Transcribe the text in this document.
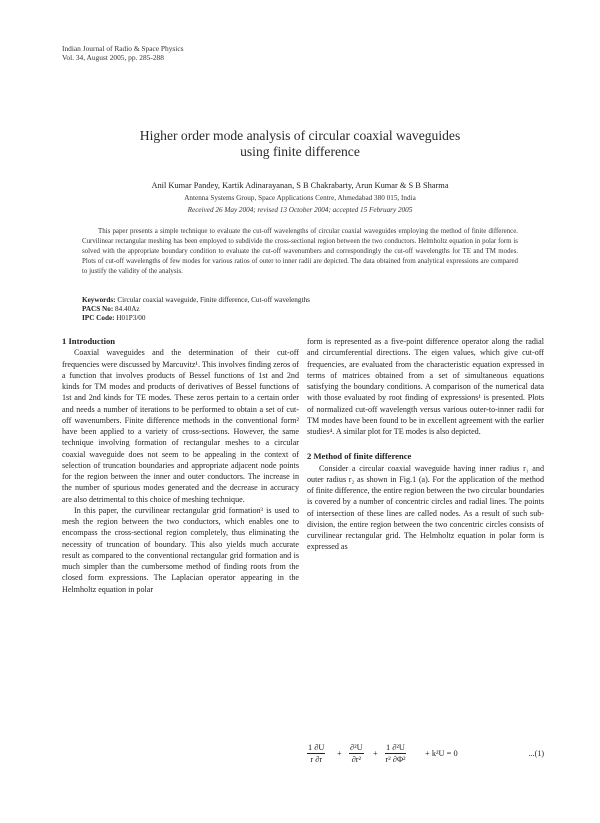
Indian Journal of Radio & Space Physics
Vol. 34, August 2005, pp. 285-288
Higher order mode analysis of circular coaxial waveguides
using finite difference
Anil Kumar Pandey, Kartik Adinarayanan, S B Chakrabarty, Arun Kumar & S B Sharma
Antenna Systems Group, Space Applications Centre, Ahmedabad 380 015, India
Received 26 May 2004; revised 13 October 2004; accepted 15 February 2005
This paper presents a simple technique to evaluate the cut-off wavelengths of circular coaxial waveguides employing the method of finite difference. Curvilinear rectangular meshing has been employed to subdivide the cross-sectional region between the two conductors. Helmholtz equation in polar form is solved with the appropriate boundary condition to evaluate the cut-off wavenumbers and correspondingly the cut-off wavelengths for TE and TM modes. Plots of cut-off wavelengths of few modes for various ratios of outer to inner radii are depicted. The data obtained from analytical expressions are compared to justify the validity of the analysis.
Keywords: Circular coaxial waveguide, Finite difference, Cut-off wavelengths
PACS No: 84.40Az
IPC Code: H01P3/00

1 Introduction

Coaxial waveguides and the determination of their cut-off frequencies were discussed by Marcuvitz¹. This involves finding zeros of a function that involves products of Bessel functions of 1st and 2nd kinds for TM modes and products of derivatives of Bessel functions of 1st and 2nd kinds for TE modes. These zeros pertain to a certain order and needs a number of iterations to be performed to obtain a set of cut-off wavenumbers. Finite difference methods in the conventional form² have been applied to a variety of cross-sections. However, the same technique involving formation of rectangular meshes to a circular coaxial waveguide does not seem to be appealing in the context of selection of truncation boundaries and appropriate adjacent node points for the region between the inner and outer conductors. The increase in the number of spurious modes generated and the decrease in accuracy are also detrimental to this choice of meshing technique.

In this paper, the curvilinear rectangular grid formation³ is used to mesh the region between the two conductors, which enables one to encompass the cross-sectional region completely, thus eliminating the necessity of truncation of boundary. This also yields much accurate result as compared to the conventional rectangular grid formation and is much simpler than the cumbersome method of finding roots from the closed form expressions. The Laplacian operator appearing in the Helmholtz equation in polar

form is represented as a five-point difference operator along the radial and circumferential directions. The eigen values, which give cut-off frequencies, are evaluated from the characteristic equation expressed in terms of matrices obtained from a set of simultaneous equations satisfying the boundary conditions. A comparison of the numerical data with those evaluated by root finding of expressions¹ is presented. Plots of normalized cut-off wavelength versus various outer-to-inner radii for TM modes have been found to be in excellent agreement with the earlier studies⁴. A similar plot for TE modes is also depicted.

2 Method of finite difference

Consider a circular coaxial waveguide having inner radius r₁ and outer radius r₂ as shown in Fig.1 (a). For the application of the method of finite difference, the entire region between the two circular boundaries is covered by a number of concentric circles and radial lines. The points of intersection of these lines are called nodes. As a result of such sub-division, the entire region between the two concentric circles consists of curvilinear rectangular grid. The Helmholtz equation in polar form is expressed as

$\frac{1 \partial U}{r \partial r} + \frac{\text{∂²U}}{\text{∂r²}} + \frac{\text{1 ∂²U}}{\text{r² ∂Φ²}} + k^2U = 0$	...(1)
